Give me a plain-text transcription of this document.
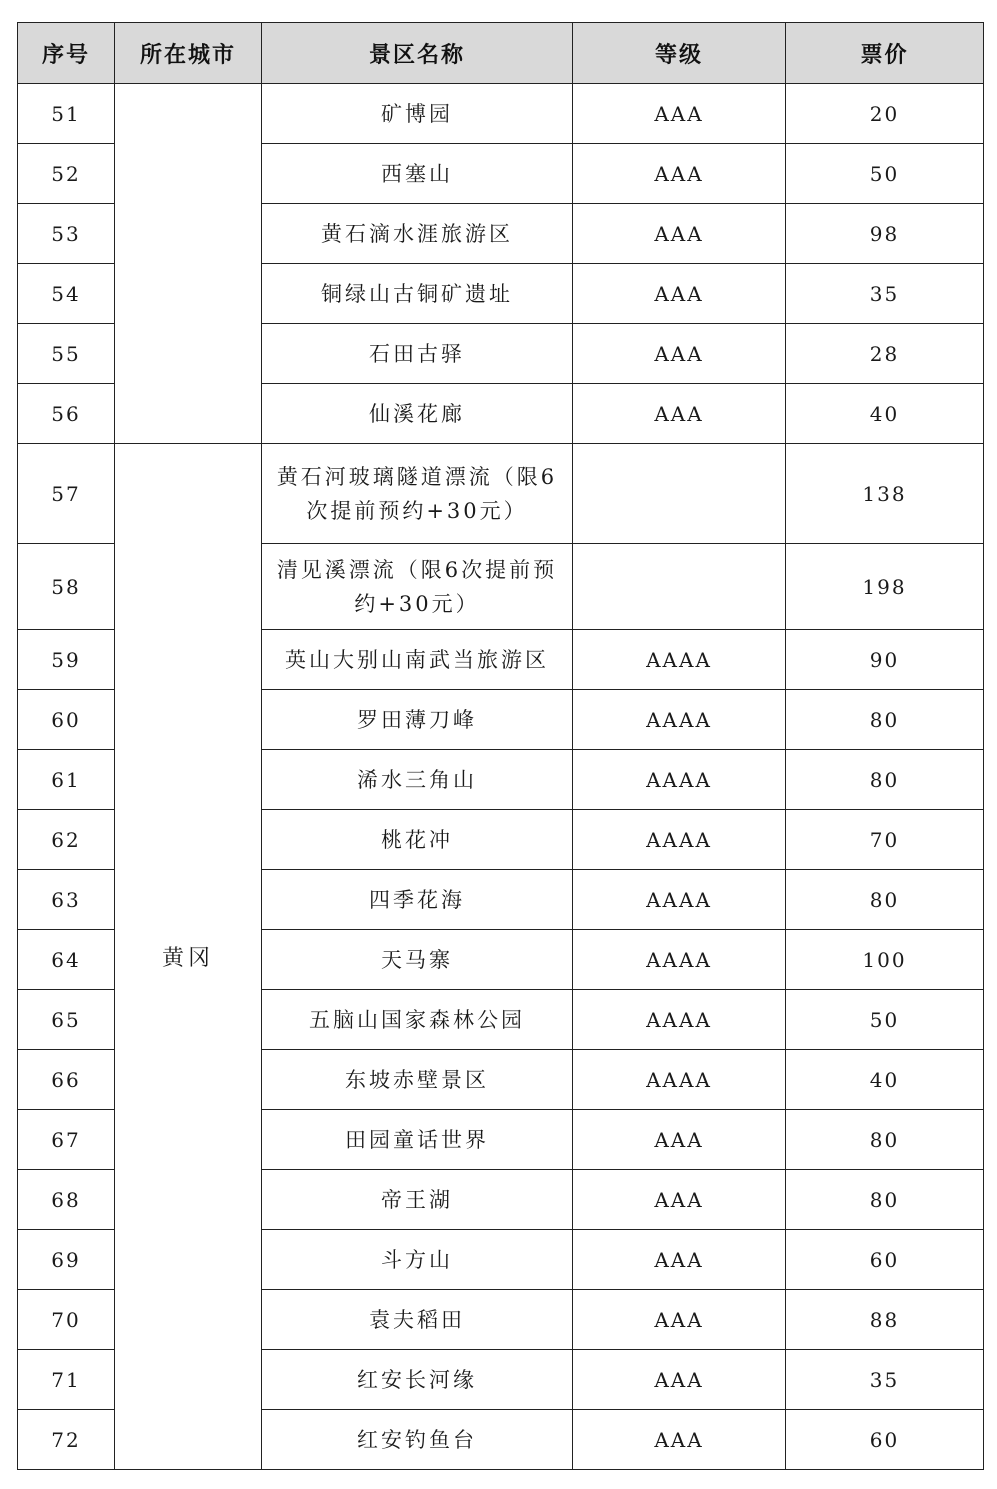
序号	所在城市	景区名称	等级	票价
51		矿博园	AAA	20
52		西塞山	AAA	50
53		黄石滴水涯旅游区	AAA	98
54		铜绿山古铜矿遗址	AAA	35
55		石田古驿	AAA	28
56		仙溪花廊	AAA	40
57	黄冈	黄石河玻璃隧道漂流（限6次提前预约+30元）		138
58		清见溪漂流（限6次提前预约+30元）		198
59		英山大别山南武当旅游区	AAAA	90
60		罗田薄刀峰	AAAA	80
61		浠水三角山	AAAA	80
62		桃花冲	AAAA	70
63		四季花海	AAAA	80
64		天马寨	AAAA	100
65		五脑山国家森林公园	AAAA	50
66		东坡赤壁景区	AAAA	40
67		田园童话世界	AAA	80
68		帝王湖	AAA	80
69		斗方山	AAA	60
70		袁夫稻田	AAA	88
71		红安长河缘	AAA	35
72		红安钓鱼台	AAA	60
